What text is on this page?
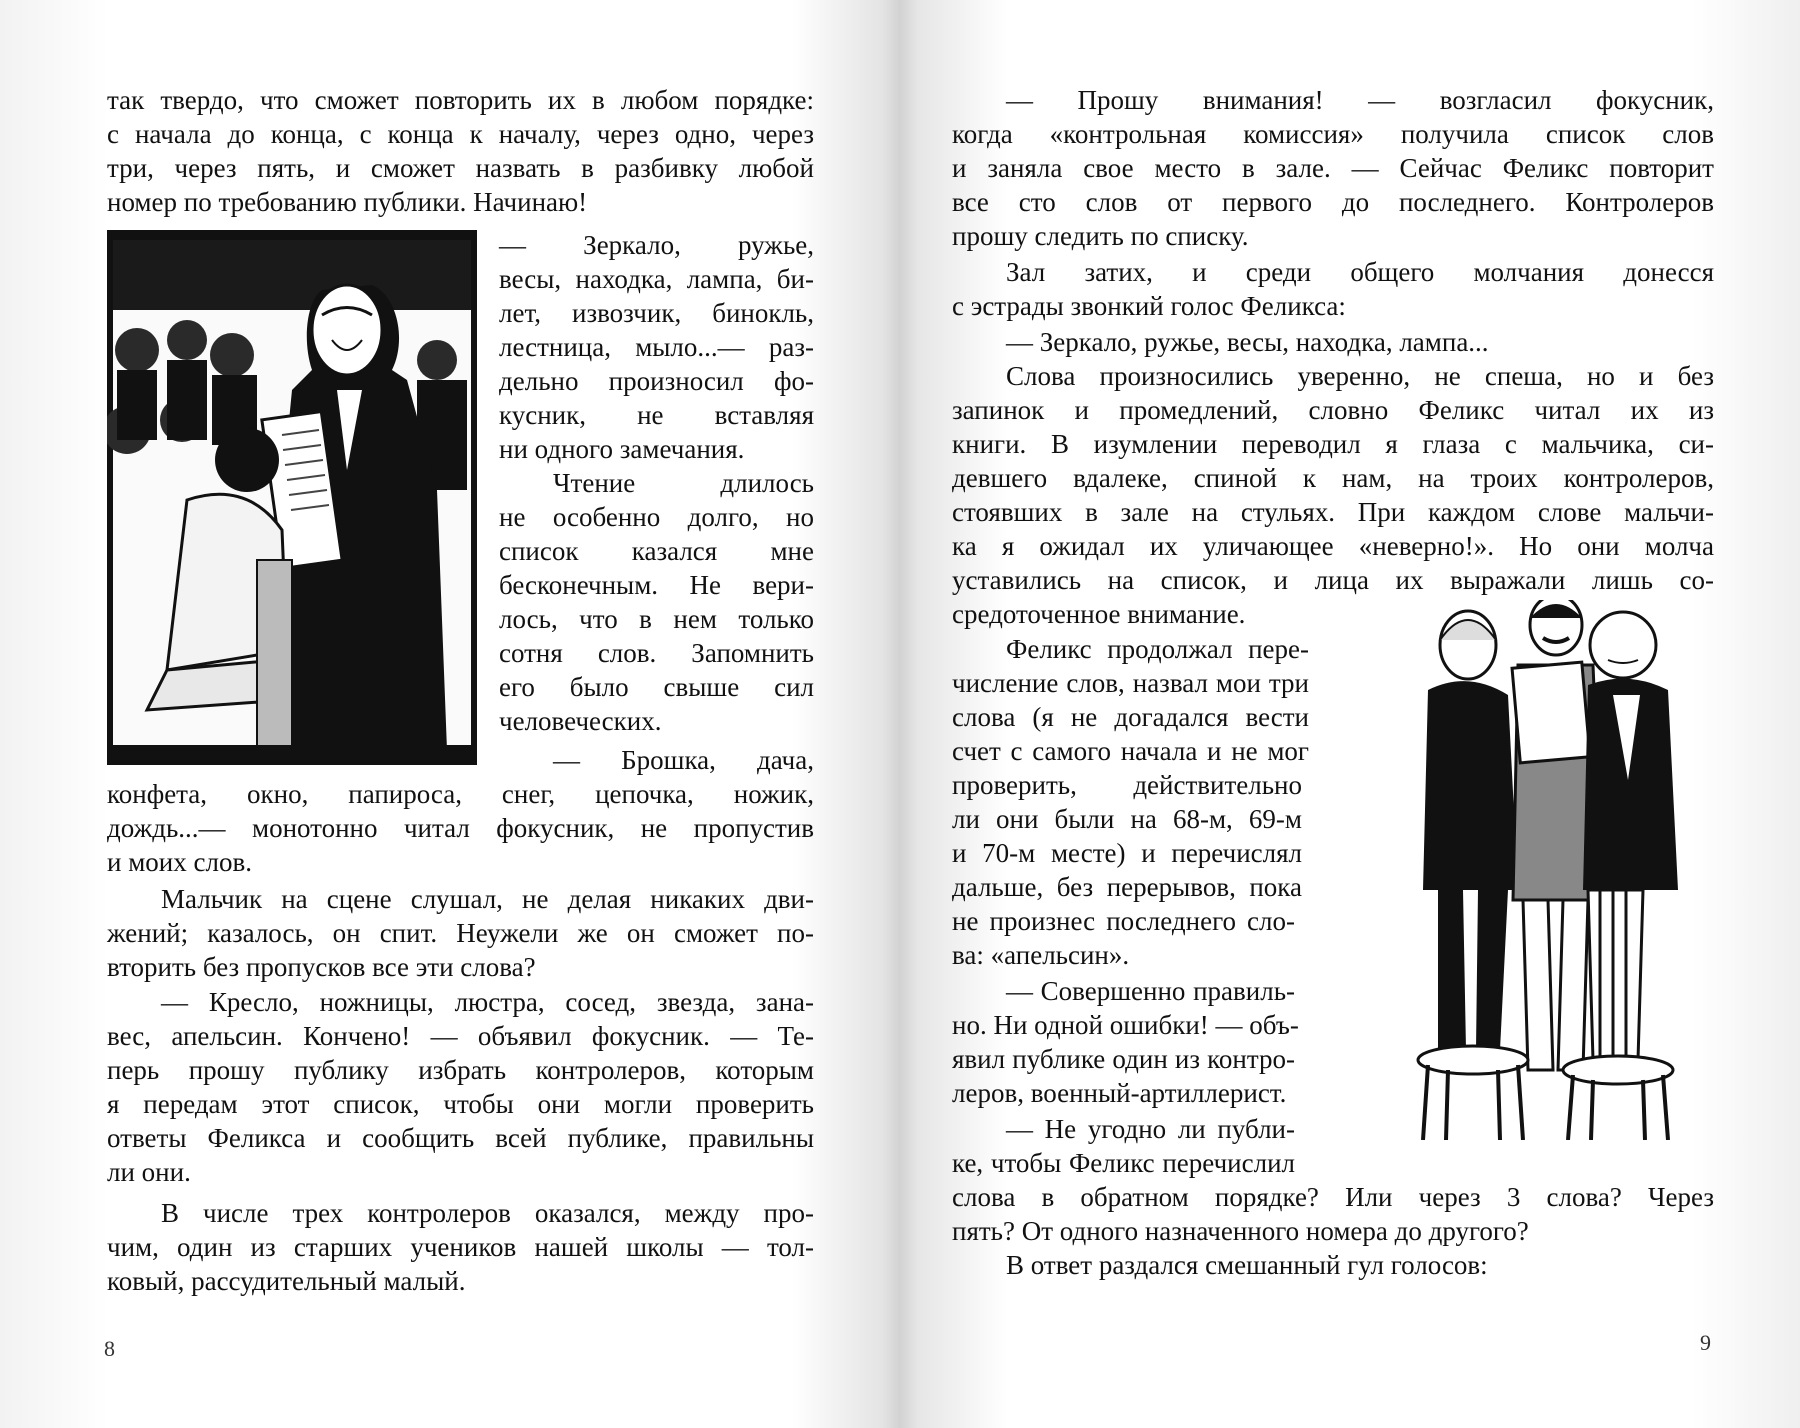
так твердо, что сможет повторить их в любом порядке:
с начала до конца, с конца к началу, через одно, через
три, через пять, и сможет назвать в разбивку любой
номер по требованию публики. Начинаю!
— Зеркало, ружье,
весы, находка, лампа, би-
лет, извозчик, бинокль,
лестница, мыло...— раз-
дельно произносил фо-
кусник, не вставляя
ни одного замечания.
Чтение длилось
не особенно долго, но
список казался мне
бесконечным. Не вери-
лось, что в нем только
сотня слов. Запомнить
его было свыше сил
человеческих.
— Брошка, дача,
конфета, окно, папироса, снег, цепочка, ножик,
дождь...— монотонно читал фокусник, не пропустив
и моих слов.
Мальчик на сцене слушал, не делая никаких дви-
жений; казалось, он спит. Неужели же он сможет по-
вторить без пропусков все эти слова?
— Кресло, ножницы, люстра, сосед, звезда, зана-
вес, апельсин. Кончено! — объявил фокусник. — Те-
перь прошу публику избрать контролеров, которым
я передам этот список, чтобы они могли проверить
ответы Феликса и сообщить всей публике, правильны
ли они.
В числе трех контролеров оказался, между про-
чим, один из старших учеников нашей школы — тол-
ковый, рассудительный малый.
8
— Прошу внимания! — возгласил фокусник,
когда «контрольная комиссия» получила список слов
и заняла свое место в зале. — Сейчас Феликс повторит
все сто слов от первого до последнего. Контролеров
прошу следить по списку.
Зал затих, и среди общего молчания донесся
с эстрады звонкий голос Феликса:
— Зеркало, ружье, весы, находка, лампа...
Слова произносились уверенно, не спеша, но и без
запинок и промедлений, словно Феликс читал их из
книги. В изумлении переводил я глаза с мальчика, си-
девшего вдалеке, спиной к нам, на троих контролеров,
стоявших в зале на стульях. При каждом слове мальчи-
ка я ожидал их уличающее «неверно!». Но они молча
уставились на список, и лица их выражали лишь со-
средоточенное внимание.
Феликс продолжал пере-
числение слов, назвал мои три
слова (я не догадался вести
счет с самого начала и не мог
проверить, действительно
ли они были на 68-м, 69-м
и 70-м месте) и перечислял
дальше, без перерывов, пока
не произнес последнего сло-
ва: «апельсин».
— Совершенно правиль-
но. Ни одной ошибки! — объ-
явил публике один из контро-
леров, военный-артиллерист.
— Не угодно ли публи-
ке, чтобы Феликс перечислил
слова в обратном порядке? Или через 3 слова? Через
пять? От одного назначенного номера до другого?
В ответ раздался смешанный гул голосов:
9
